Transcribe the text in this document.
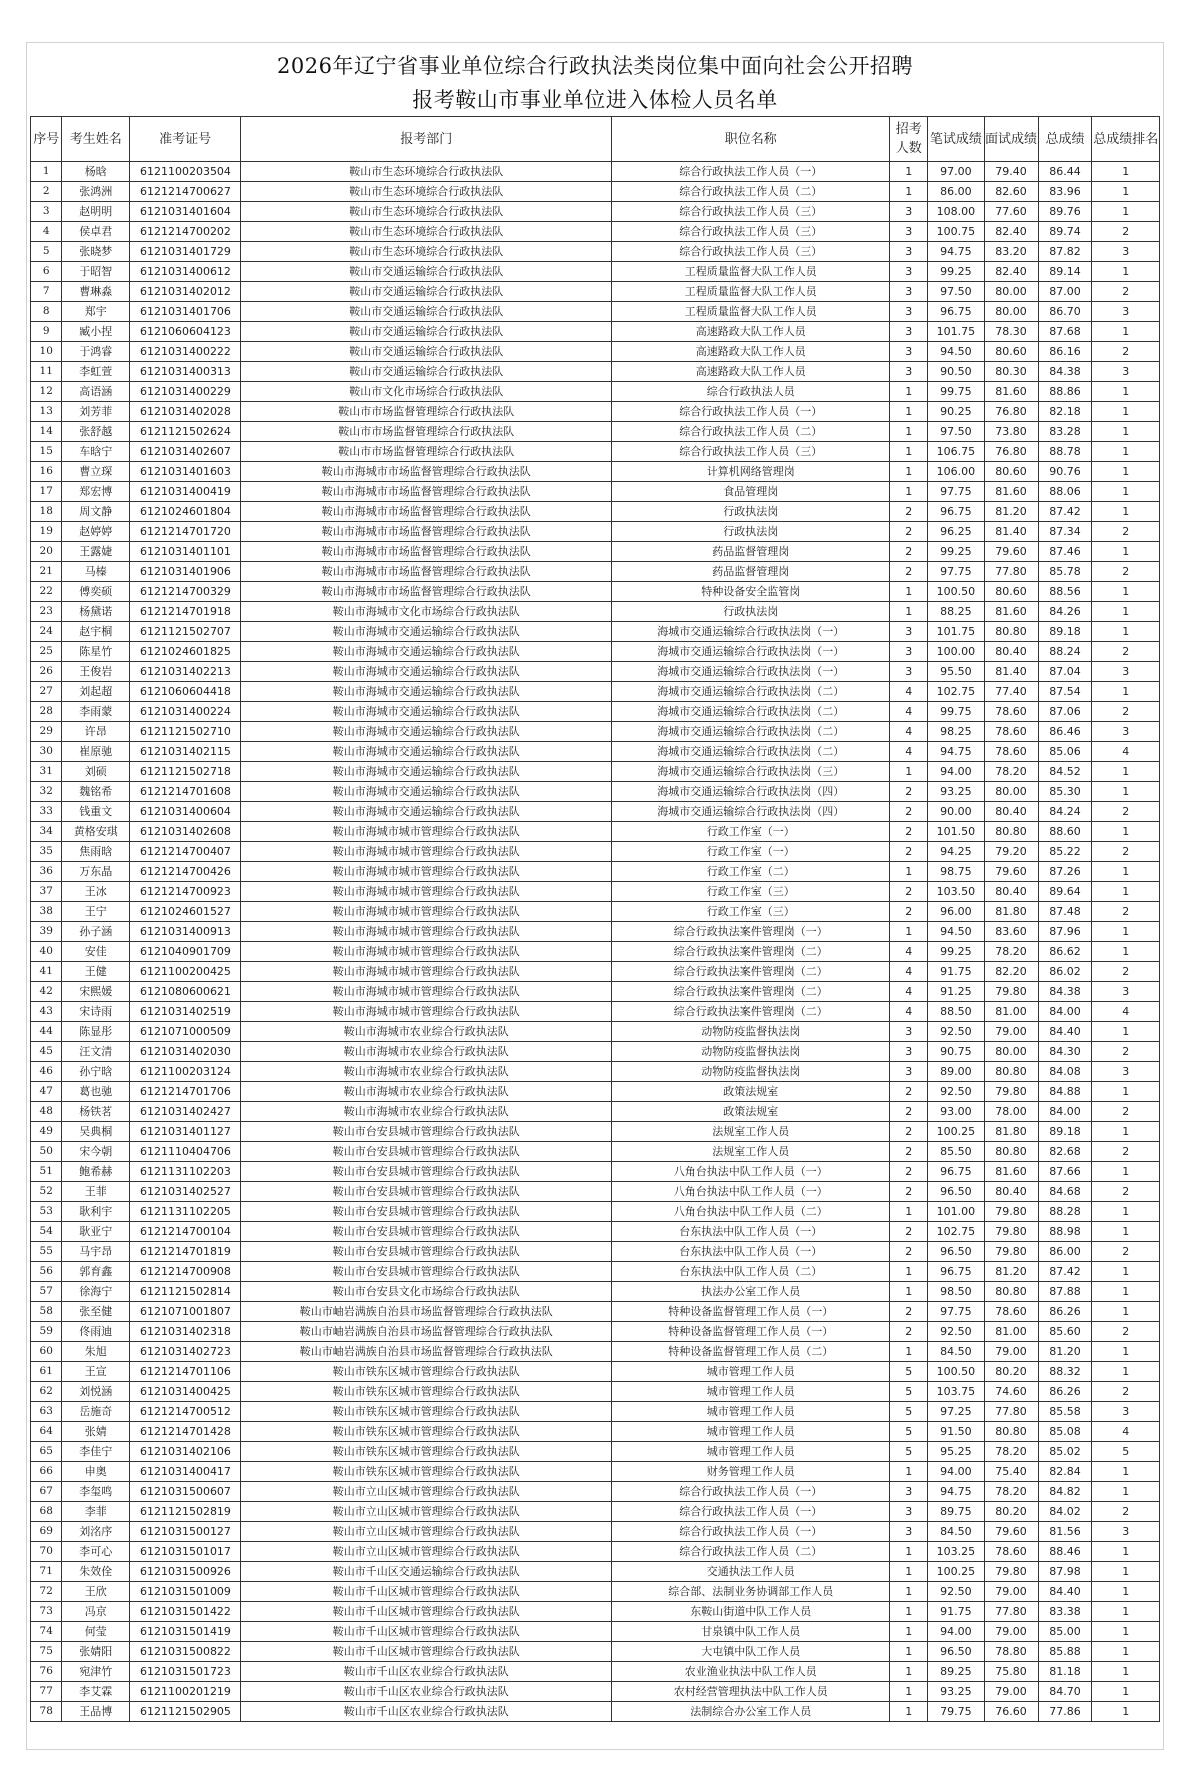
2026年辽宁省事业单位综合行政执法类岗位集中面向社会公开招聘
报考鞍山市事业单位进入体检人员名单
序号	考生姓名	准考证号	报考部门	职位名称	招考人数	笔试成绩	面试成绩	总成绩	总成绩排名
1	杨晗	6121100203504	鞍山市生态环境综合行政执法队	综合行政执法工作人员（一）	1	97.00	79.40	86.44	1
2	张鸿洲	6121214700627	鞍山市生态环境综合行政执法队	综合行政执法工作人员（二）	1	86.00	82.60	83.96	1
3	赵明明	6121031401604	鞍山市生态环境综合行政执法队	综合行政执法工作人员（三）	3	108.00	77.60	89.76	1
4	侯卓君	6121214700202	鞍山市生态环境综合行政执法队	综合行政执法工作人员（三）	3	100.75	82.40	89.74	2
5	张晓梦	6121031401729	鞍山市生态环境综合行政执法队	综合行政执法工作人员（三）	3	94.75	83.20	87.82	3
6	于昭智	6121031400612	鞍山市交通运输综合行政执法队	工程质量监督大队工作人员	3	99.25	82.40	89.14	1
7	曹琳淼	6121031402012	鞍山市交通运输综合行政执法队	工程质量监督大队工作人员	3	97.50	80.00	87.00	2
8	郑宇	6121031401706	鞍山市交通运输综合行政执法队	工程质量监督大队工作人员	3	96.75	80.00	86.70	3
9	臧小捏	6121060604123	鞍山市交通运输综合行政执法队	高速路政大队工作人员	3	101.75	78.30	87.68	1
10	于鸿睿	6121031400222	鞍山市交通运输综合行政执法队	高速路政大队工作人员	3	94.50	80.60	86.16	2
11	李虹萱	6121031400313	鞍山市交通运输综合行政执法队	高速路政大队工作人员	3	90.50	80.30	84.38	3
12	高语涵	6121031400229	鞍山市文化市场综合行政执法队	综合行政执法人员	1	99.75	81.60	88.86	1
13	刘芳菲	6121031402028	鞍山市市场监督管理综合行政执法队	综合行政执法工作人员（一）	1	90.25	76.80	82.18	1
14	张舒越	6121121502624	鞍山市市场监督管理综合行政执法队	综合行政执法工作人员（二）	1	97.50	73.80	83.28	1
15	车晗宁	6121031402607	鞍山市市场监督管理综合行政执法队	综合行政执法工作人员（三）	1	106.75	76.80	88.78	1
16	曹立琛	6121031401603	鞍山市海城市市场监督管理综合行政执法队	计算机网络管理岗	1	106.00	80.60	90.76	1
17	郑宏博	6121031400419	鞍山市海城市市场监督管理综合行政执法队	食品管理岗	1	97.75	81.60	88.06	1
18	周文静	6121024601804	鞍山市海城市市场监督管理综合行政执法队	行政执法岗	2	96.75	81.20	87.42	1
19	赵婷婷	6121214701720	鞍山市海城市市场监督管理综合行政执法队	行政执法岗	2	96.25	81.40	87.34	2
20	王露婕	6121031401101	鞍山市海城市市场监督管理综合行政执法队	药品监督管理岗	2	99.25	79.60	87.46	1
21	马榛	6121031401906	鞍山市海城市市场监督管理综合行政执法队	药品监督管理岗	2	97.75	77.80	85.78	2
22	傅奕硕	6121214700329	鞍山市海城市市场监督管理综合行政执法队	特种设备安全监管岗	1	100.50	80.60	88.56	1
23	杨黛诺	6121214701918	鞍山市海城市文化市场综合行政执法队	行政执法岗	1	88.25	81.60	84.26	1
24	赵宇桐	6121121502707	鞍山市海城市交通运输综合行政执法队	海城市交通运输综合行政执法岗（一）	3	101.75	80.80	89.18	1
25	陈星竹	6121024601825	鞍山市海城市交通运输综合行政执法队	海城市交通运输综合行政执法岗（一）	3	100.00	80.40	88.24	2
26	王俊岩	6121031402213	鞍山市海城市交通运输综合行政执法队	海城市交通运输综合行政执法岗（一）	3	95.50	81.40	87.04	3
27	刘起超	6121060604418	鞍山市海城市交通运输综合行政执法队	海城市交通运输综合行政执法岗（二）	4	102.75	77.40	87.54	1
28	李雨蒙	6121031400224	鞍山市海城市交通运输综合行政执法队	海城市交通运输综合行政执法岗（二）	4	99.75	78.60	87.06	2
29	许昂	6121121502710	鞍山市海城市交通运输综合行政执法队	海城市交通运输综合行政执法岗（二）	4	98.25	78.60	86.46	3
30	崔原驰	6121031402115	鞍山市海城市交通运输综合行政执法队	海城市交通运输综合行政执法岗（二）	4	94.75	78.60	85.06	4
31	刘硕	6121121502718	鞍山市海城市交通运输综合行政执法队	海城市交通运输综合行政执法岗（三）	1	94.00	78.20	84.52	1
32	魏铭希	6121214701608	鞍山市海城市交通运输综合行政执法队	海城市交通运输综合行政执法岗（四）	2	93.25	80.00	85.30	1
33	钱重文	6121031400604	鞍山市海城市交通运输综合行政执法队	海城市交通运输综合行政执法岗（四）	2	90.00	80.40	84.24	2
34	黄格安琪	6121031402608	鞍山市海城市城市管理综合行政执法队	行政工作室（一）	2	101.50	80.80	88.60	1
35	焦雨晗	6121214700407	鞍山市海城市城市管理综合行政执法队	行政工作室（一）	2	94.25	79.20	85.22	2
36	万东晶	6121214700426	鞍山市海城市城市管理综合行政执法队	行政工作室（二）	1	98.75	79.60	87.26	1
37	王冰	6121214700923	鞍山市海城市城市管理综合行政执法队	行政工作室（三）	2	103.50	80.40	89.64	1
38	王宁	6121024601527	鞍山市海城市城市管理综合行政执法队	行政工作室（三）	2	96.00	81.80	87.48	2
39	孙子涵	6121031400913	鞍山市海城市城市管理综合行政执法队	综合行政执法案件管理岗（一）	1	94.50	83.60	87.96	1
40	安佳	6121040901709	鞍山市海城市城市管理综合行政执法队	综合行政执法案件管理岗（二）	4	99.25	78.20	86.62	1
41	王健	6121100200425	鞍山市海城市城市管理综合行政执法队	综合行政执法案件管理岗（二）	4	91.75	82.20	86.02	2
42	宋熙媛	6121080600621	鞍山市海城市城市管理综合行政执法队	综合行政执法案件管理岗（二）	4	91.25	79.80	84.38	3
43	宋诗雨	6121031402519	鞍山市海城市城市管理综合行政执法队	综合行政执法案件管理岗（二）	4	88.50	81.00	84.00	4
44	陈显彤	6121071000509	鞍山市海城市农业综合行政执法队	动物防疫监督执法岗	3	92.50	79.00	84.40	1
45	汪文清	6121031402030	鞍山市海城市农业综合行政执法队	动物防疫监督执法岗	3	90.75	80.00	84.30	2
46	孙宁晗	6121100203124	鞍山市海城市农业综合行政执法队	动物防疫监督执法岗	3	89.00	80.80	84.08	3
47	葛也驰	6121214701706	鞍山市海城市农业综合行政执法队	政策法规室	2	92.50	79.80	84.88	1
48	杨铁茗	6121031402427	鞍山市海城市农业综合行政执法队	政策法规室	2	93.00	78.00	84.00	2
49	吴典桐	6121031401127	鞍山市台安县城市管理综合行政执法队	法规室工作人员	2	100.25	81.80	89.18	1
50	宋今朝	6121110404706	鞍山市台安县城市管理综合行政执法队	法规室工作人员	2	85.50	80.80	82.68	2
51	鲍希赫	6121131102203	鞍山市台安县城市管理综合行政执法队	八角台执法中队工作人员（一）	2	96.75	81.60	87.66	1
52	王菲	6121031402527	鞍山市台安县城市管理综合行政执法队	八角台执法中队工作人员（一）	2	96.50	80.40	84.68	2
53	耿利宇	6121131102205	鞍山市台安县城市管理综合行政执法队	八角台执法中队工作人员（二）	1	101.00	79.80	88.28	1
54	耿亚宁	6121214700104	鞍山市台安县城市管理综合行政执法队	台东执法中队工作人员（一）	2	102.75	79.80	88.98	1
55	马宇昂	6121214701819	鞍山市台安县城市管理综合行政执法队	台东执法中队工作人员（一）	2	96.50	79.80	86.00	2
56	郭育鑫	6121214700908	鞍山市台安县城市管理综合行政执法队	台东执法中队工作人员（二）	1	96.75	81.20	87.42	1
57	徐海宁	6121121502814	鞍山市台安县文化市场综合行政执法队	执法办公室工作人员	1	98.50	80.80	87.88	1
58	张至健	6121071001807	鞍山市岫岩满族自治县市场监督管理综合行政执法队	特种设备监督管理工作人员（一）	2	97.75	78.60	86.26	1
59	佟雨迪	6121031402318	鞍山市岫岩满族自治县市场监督管理综合行政执法队	特种设备监督管理工作人员（一）	2	92.50	81.00	85.60	2
60	朱旭	6121031402723	鞍山市岫岩满族自治县市场监督管理综合行政执法队	特种设备监督管理工作人员（二）	1	84.50	79.00	81.20	1
61	王宣	6121214701106	鞍山市铁东区城市管理综合行政执法队	城市管理工作人员	5	100.50	80.20	88.32	1
62	刘悦涵	6121031400425	鞍山市铁东区城市管理综合行政执法队	城市管理工作人员	5	103.75	74.60	86.26	2
63	岳施奇	6121214700512	鞍山市铁东区城市管理综合行政执法队	城市管理工作人员	5	97.25	77.80	85.58	3
64	张婧	6121214701428	鞍山市铁东区城市管理综合行政执法队	城市管理工作人员	5	91.50	80.80	85.08	4
65	李佳宁	6121031402106	鞍山市铁东区城市管理综合行政执法队	城市管理工作人员	5	95.25	78.20	85.02	5
66	申奥	6121031400417	鞍山市铁东区城市管理综合行政执法队	财务管理工作人员	1	94.00	75.40	82.84	1
67	李玺鸣	6121031500607	鞍山市立山区城市管理综合行政执法队	综合行政执法工作人员（一）	3	94.75	78.20	84.82	1
68	李菲	6121121502819	鞍山市立山区城市管理综合行政执法队	综合行政执法工作人员（一）	3	89.75	80.20	84.02	2
69	刘洺序	6121031500127	鞍山市立山区城市管理综合行政执法队	综合行政执法工作人员（一）	3	84.50	79.60	81.56	3
70	李可心	6121031501017	鞍山市立山区城市管理综合行政执法队	综合行政执法工作人员（二）	1	103.25	78.60	88.46	1
71	朱效佺	6121031500926	鞍山市千山区交通运输综合行政执法队	交通执法工作人员	1	100.25	79.80	87.98	1
72	王欣	6121031501009	鞍山市千山区城市管理综合行政执法队	综合部、法制业务协调部工作人员	1	92.50	79.00	84.40	1
73	冯京	6121031501422	鞍山市千山区城市管理综合行政执法队	东鞍山街道中队工作人员	1	91.75	77.80	83.38	1
74	何莹	6121031501419	鞍山市千山区城市管理综合行政执法队	甘泉镇中队工作人员	1	94.00	79.00	85.00	1
75	张婧阳	6121031500822	鞍山市千山区城市管理综合行政执法队	大屯镇中队工作人员	1	96.50	78.80	85.88	1
76	宛津竹	6121031501723	鞍山市千山区农业综合行政执法队	农业渔业执法中队工作人员	1	89.25	75.80	81.18	1
77	李艾霖	6121100201219	鞍山市千山区农业综合行政执法队	农村经营管理执法中队工作人员	1	93.25	79.00	84.70	1
78	王品博	6121121502905	鞍山市千山区农业综合行政执法队	法制综合办公室工作人员	1	79.75	76.60	77.86	1
